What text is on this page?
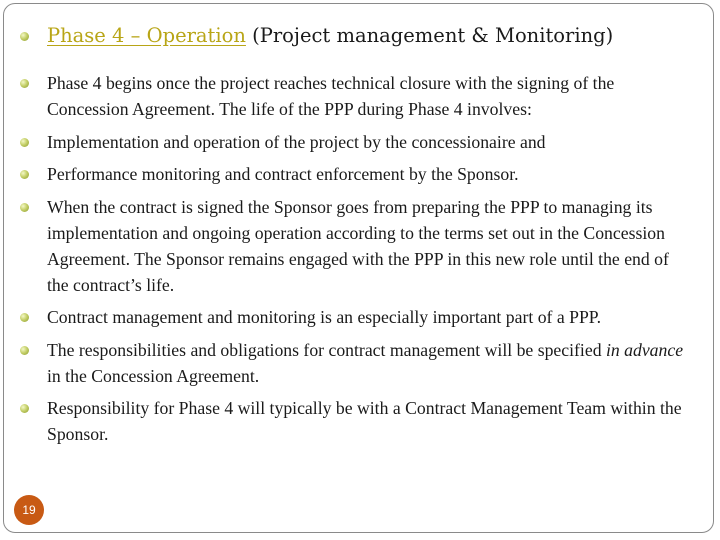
Phase 4 – Operation (Project management & Monitoring)
Phase 4 begins once the project reaches technical closure with the signing of the Concession Agreement. The life of the PPP during Phase 4 involves:
Implementation and operation of the project by the concessionaire and
Performance monitoring and contract enforcement by the Sponsor.
When the contract is signed the Sponsor goes from preparing the PPP to managing its implementation and ongoing operation according to the terms set out in the Concession Agreement. The Sponsor remains engaged with the PPP in this new role until the end of the contract’s life.
Contract management and monitoring is an especially important part of a PPP.
The responsibilities and obligations for contract management will be specified in advance in the Concession Agreement.
Responsibility for Phase 4 will typically be with a Contract Management Team within the Sponsor.
19
